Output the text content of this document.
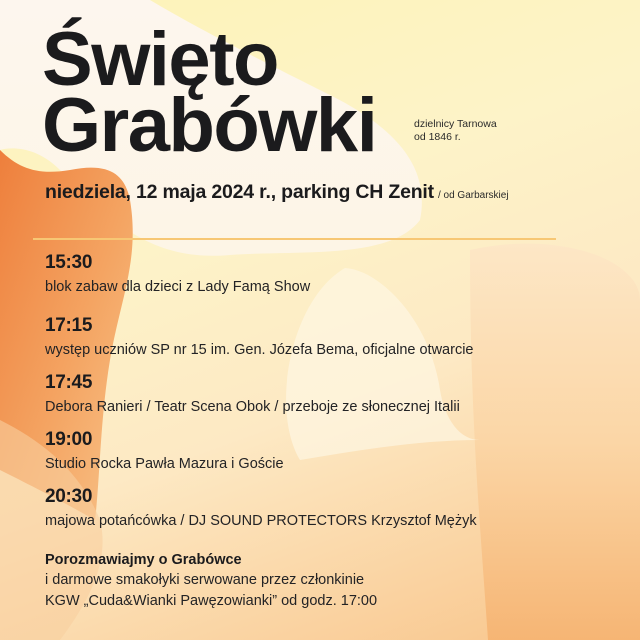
Święto
Grabówki	dzielnicy Tarnowa
od 1846 r.
niedziela, 12 maja 2024 r., parking CH Zenit / od Garbarskiej
15:30
blok zabaw dla dzieci z Lady Famą Show
17:15
występ uczniów SP nr 15 im. Gen. Józefa Bema, oficjalne otwarcie
17:45
Debora Ranieri / Teatr Scena Obok / przeboje ze słonecznej Italii
19:00
Studio Rocka Pawła Mazura i Goście
20:30
majowa potańcówka / DJ SOUND PROTECTORS Krzysztof Mężyk
Porozmawiajmy o Grabówce
i darmowe smakołyki serwowane przez członkinie
KGW „Cuda&Wianki Pawęzowianki” od godz. 17:00
